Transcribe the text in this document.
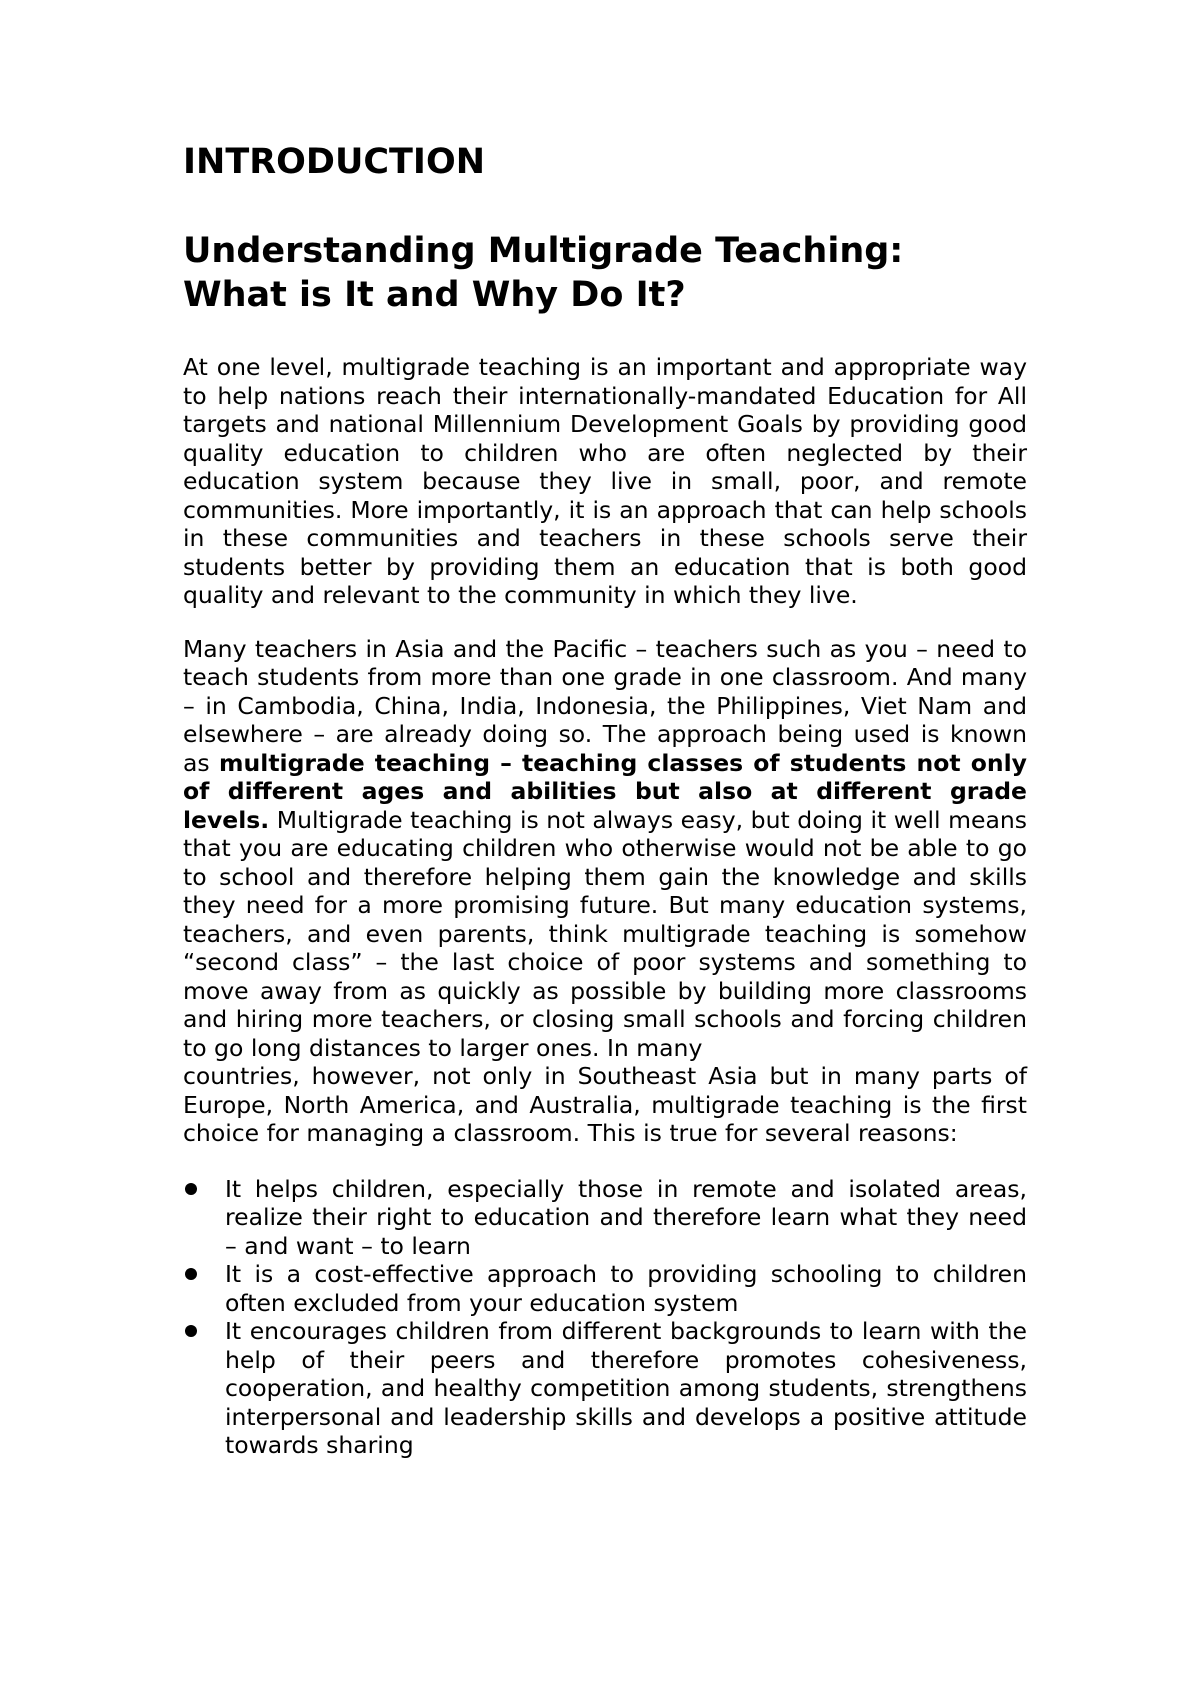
INTRODUCTION
Understanding Multigrade Teaching:
What is It and Why Do It?

At one level, multigrade teaching is an important and appropriate way to help nations reach their internationally-mandated Education for All targets and national Millennium Development Goals by providing good quality education to children who are often neglected by their education system because they live in small, poor, and remote communities. More importantly, it is an approach that can help schools in these communities and teachers in these schools serve their students better by providing them an education that is both good quality and relevant to the community in which they live.

Many teachers in Asia and the Pacific – teachers such as you – need to teach students from more than one grade in one classroom. And many – in Cambodia, China, India, Indonesia, the Philippines, Viet Nam and elsewhere – are already doing so. The approach being used is known as multigrade teaching – teaching classes of students not only of different ages and abilities but also at different grade levels. Multigrade teaching is not always easy, but doing it well means that you are educating children who otherwise would not be able to go to school and therefore helping them gain the knowledge and skills they need for a more promising future. But many education systems, teachers, and even parents, think multigrade teaching is somehow “second class” – the last choice of poor systems and something to move away from as quickly as possible by building more classrooms and hiring more teachers, or closing small schools and forcing children to go long distances to larger ones. In many

countries, however, not only in Southeast Asia but in many parts of Europe, North America, and Australia, multigrade teaching is the first choice for managing a classroom. This is true for several reasons:

It helps children, especially those in remote and isolated areas, realize their right to education and therefore learn what they need – and want – to learn
It is a cost-effective approach to providing schooling to children often excluded from your education system
It encourages children from different backgrounds to learn with the help of their peers and therefore promotes cohesiveness, cooperation, and healthy competition among students, strengthens interpersonal and leadership skills and develops a positive attitude towards sharing
